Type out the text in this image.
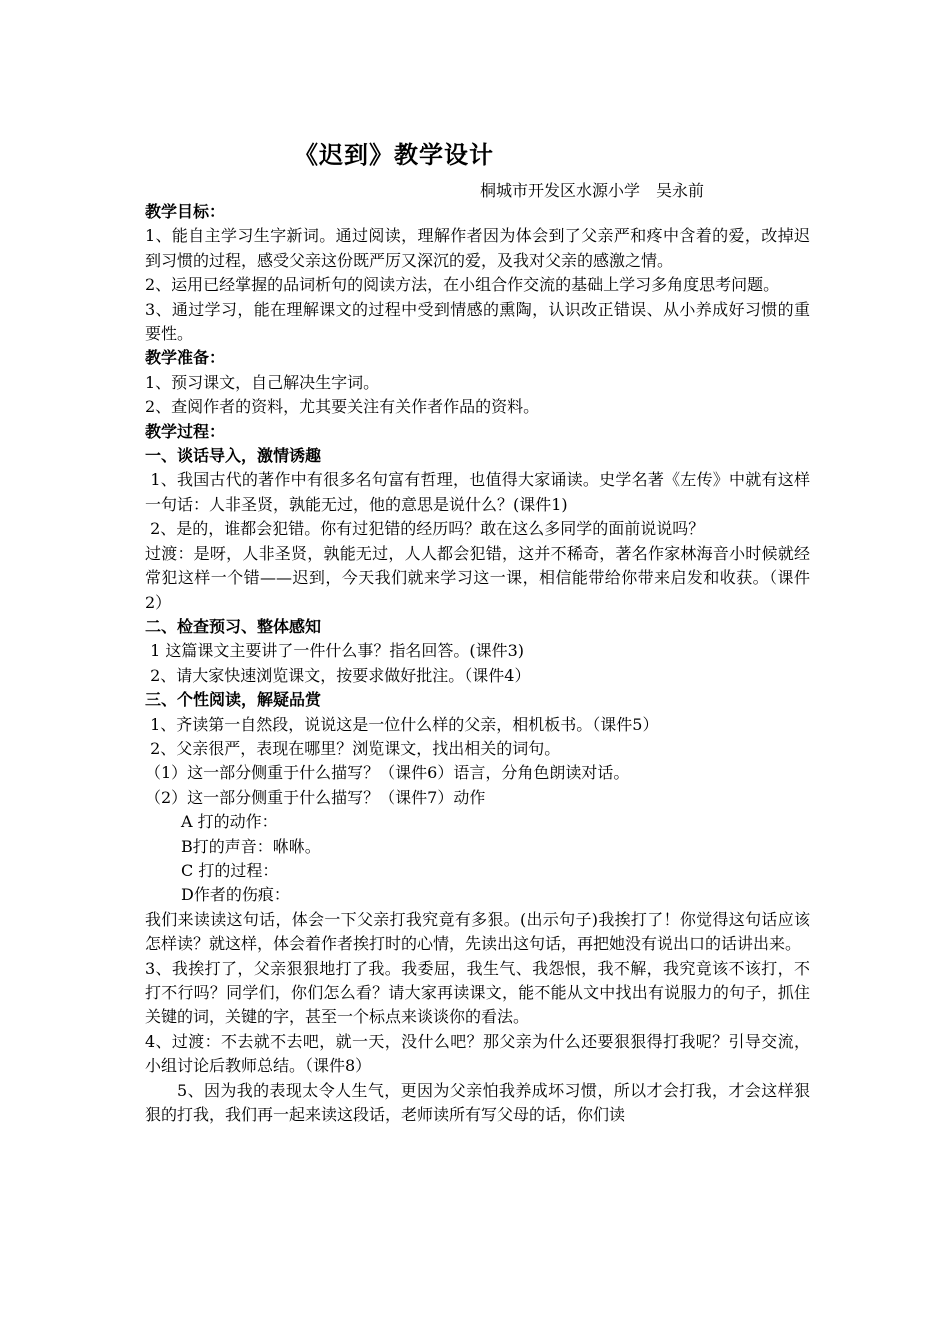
《迟到》教学设计
桐城市开发区水源小学　吴永前

教学目标：

1、能自主学习生字新词。通过阅读，理解作者因为体会到了父亲严和疼中含着的爱，改掉迟到习惯的过程，感受父亲这份既严厉又深沉的爱，及我对父亲的感激之情。

2、运用已经掌握的品词析句的阅读方法，在小组合作交流的基础上学习多角度思考问题。

3、通过学习，能在理解课文的过程中受到情感的熏陶，认识改正错误、从小养成好习惯的重要性。

教学准备：

1、预习课文，自己解决生字词。

2、查阅作者的资料，尤其要关注有关作者作品的资料。

教学过程：

一、谈话导入，激情诱趣

1、我国古代的著作中有很多名句富有哲理，也值得大家诵读。史学名著《左传》中就有这样一句话：人非圣贤，孰能无过，他的意思是说什么？(课件1)

2、是的，谁都会犯错。你有过犯错的经历吗？敢在这么多同学的面前说说吗？

过渡：是呀，人非圣贤，孰能无过，人人都会犯错，这并不稀奇，著名作家林海音小时候就经常犯这样一个错——迟到，今天我们就来学习这一课，相信能带给你带来启发和收获。（课件2）

二、检查预习、整体感知

1 这篇课文主要讲了一件什么事？指名回答。(课件3)

2、请大家快速浏览课文，按要求做好批注。（课件4）

三、个性阅读，解疑品赏

1、齐读第一自然段，说说这是一位什么样的父亲，相机板书。（课件5）

2、父亲很严，表现在哪里？浏览课文，找出相关的词句。

（1）这一部分侧重于什么描写？（课件6）语言，分角色朗读对话。

（2）这一部分侧重于什么描写？（课件7）动作

A 打的动作：

B打的声音：咻咻。

C 打的过程：

D作者的伤痕：

我们来读读这句话，体会一下父亲打我究竟有多狠。(出示句子)我挨打了！你觉得这句话应该怎样读？就这样，体会着作者挨打时的心情，先读出这句话，再把她没有说出口的话讲出来。

3、我挨打了，父亲狠狠地打了我。我委屈，我生气、我怨恨，我不解，我究竟该不该打，不打不行吗？同学们，你们怎么看？请大家再读课文，能不能从文中找出有说服力的句子，抓住关键的词，关键的字，甚至一个标点来谈谈你的看法。

4、过渡：不去就不去吧，就一天，没什么吧？那父亲为什么还要狠狠得打我呢？引导交流，小组讨论后教师总结。（课件8）

5、因为我的表现太令人生气，更因为父亲怕我养成坏习惯，所以才会打我，才会这样狠狠的打我，我们再一起来读这段话，老师读所有写父母的话，你们读
